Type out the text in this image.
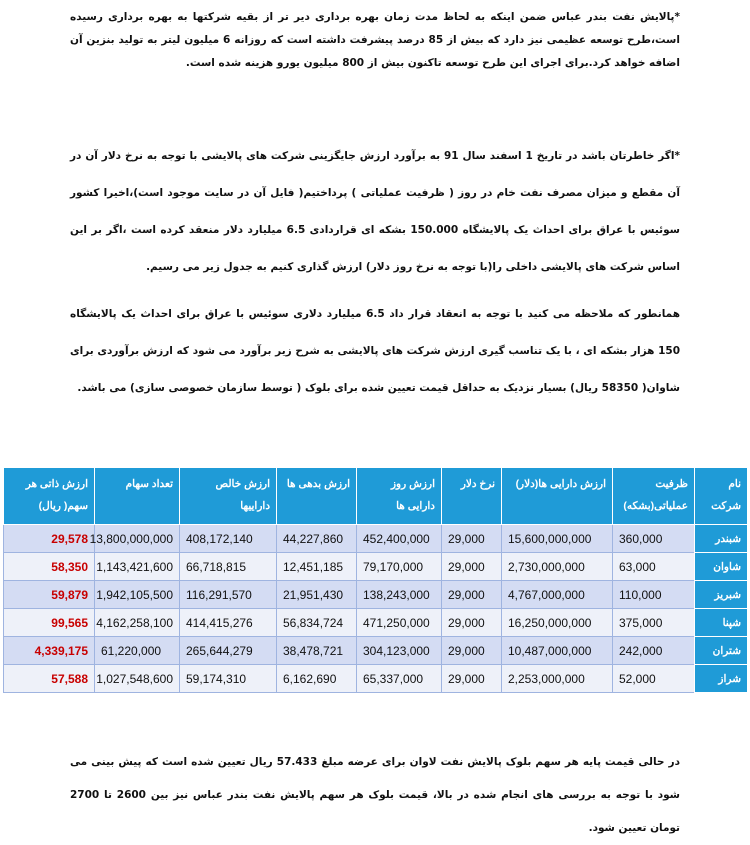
*پالایش نفت بندر عباس ضمن اینکه به لحاظ مدت زمان بهره برداری دیر تر از بقیه شرکتها به بهره برداری رسیده است،طرح توسعه عظیمی نیز دارد که بیش از 85 درصد پیشرفت داشته است که روزانه 6 میلیون لیتر به تولید بنزین آن اضافه خواهد کرد.برای اجرای این طرح توسعه تاکنون بیش از 800 میلیون یورو هزینه شده است.

*اگر خاطرتان باشد در تاریخ 1 اسفند سال 91 به برآورد ارزش جایگزینی شرکت های پالایشی با توجه به نرخ دلار آن در آن مقطع و میزان مصرف نفت خام در روز ( ظرفیت عملیاتی ) پرداختیم( فایل آن در سایت موجود است)،اخیرا کشور سوئیس با عراق برای احداث یک پالایشگاه 150.000 بشکه ای قراردادی 6.5 میلیارد دلار منعقد کرده است ،اگر بر این اساس شرکت های پالایشی داخلی را(با توجه به نرخ روز دلار) ارزش گذاری کنیم به جدول زیر می رسیم.

همانطور که ملاحظه می کنید با توجه به انعقاد قرار داد 6.5 میلیارد دلاری سوئیس با عراق برای احداث یک پالایشگاه 150 هزار بشکه ای ، با یک تناسب گیری ارزش شرکت های پالایشی به شرح زیر برآورد می شود که ارزش برآوردی برای شاوان( 58350 ریال) بسیار نزدیک به حداقل قیمت تعیین شده برای بلوک ( توسط سازمان خصوصی سازی) می باشد.

نام شرکت	ظرفیت عملیاتی(بشکه)	ارزش دارایی ها(دلار)	نرخ دلار	ارزش روز دارایی ها	ارزش بدهی ها	ارزش خالص داراییها	تعداد سهام	ارزش ذاتی هر سهم( ریال)
شبندر	360,000	15,600,000,000	29,000	452,400,000	44,227,860	408,172,140	13,800,000,000	29,578
شاوان	63,000	2,730,000,000	29,000	79,170,000	12,451,185	66,718,815	1,143,421,600	58,350
شبریز	110,000	4,767,000,000	29,000	138,243,000	21,951,430	116,291,570	1,942,105,500	59,879
شپنا	375,000	16,250,000,000	29,000	471,250,000	56,834,724	414,415,276	4,162,258,100	99,565
شتران	242,000	10,487,000,000	29,000	304,123,000	38,478,721	265,644,279	61,220,000	4,339,175
شراز	52,000	2,253,000,000	29,000	65,337,000	6,162,690	59,174,310	1,027,548,600	57,588

در حالی قیمت پایه هر سهم بلوک پالایش نفت لاوان برای عرضه مبلغ 57.433 ریال تعیین شده است که پیش بینی می شود با توجه به بررسی های انجام شده در بالا، قیمت بلوک هر سهم پالایش نفت بندر عباس نیز بین 2600 تا 2700 تومان تعیین شود.
